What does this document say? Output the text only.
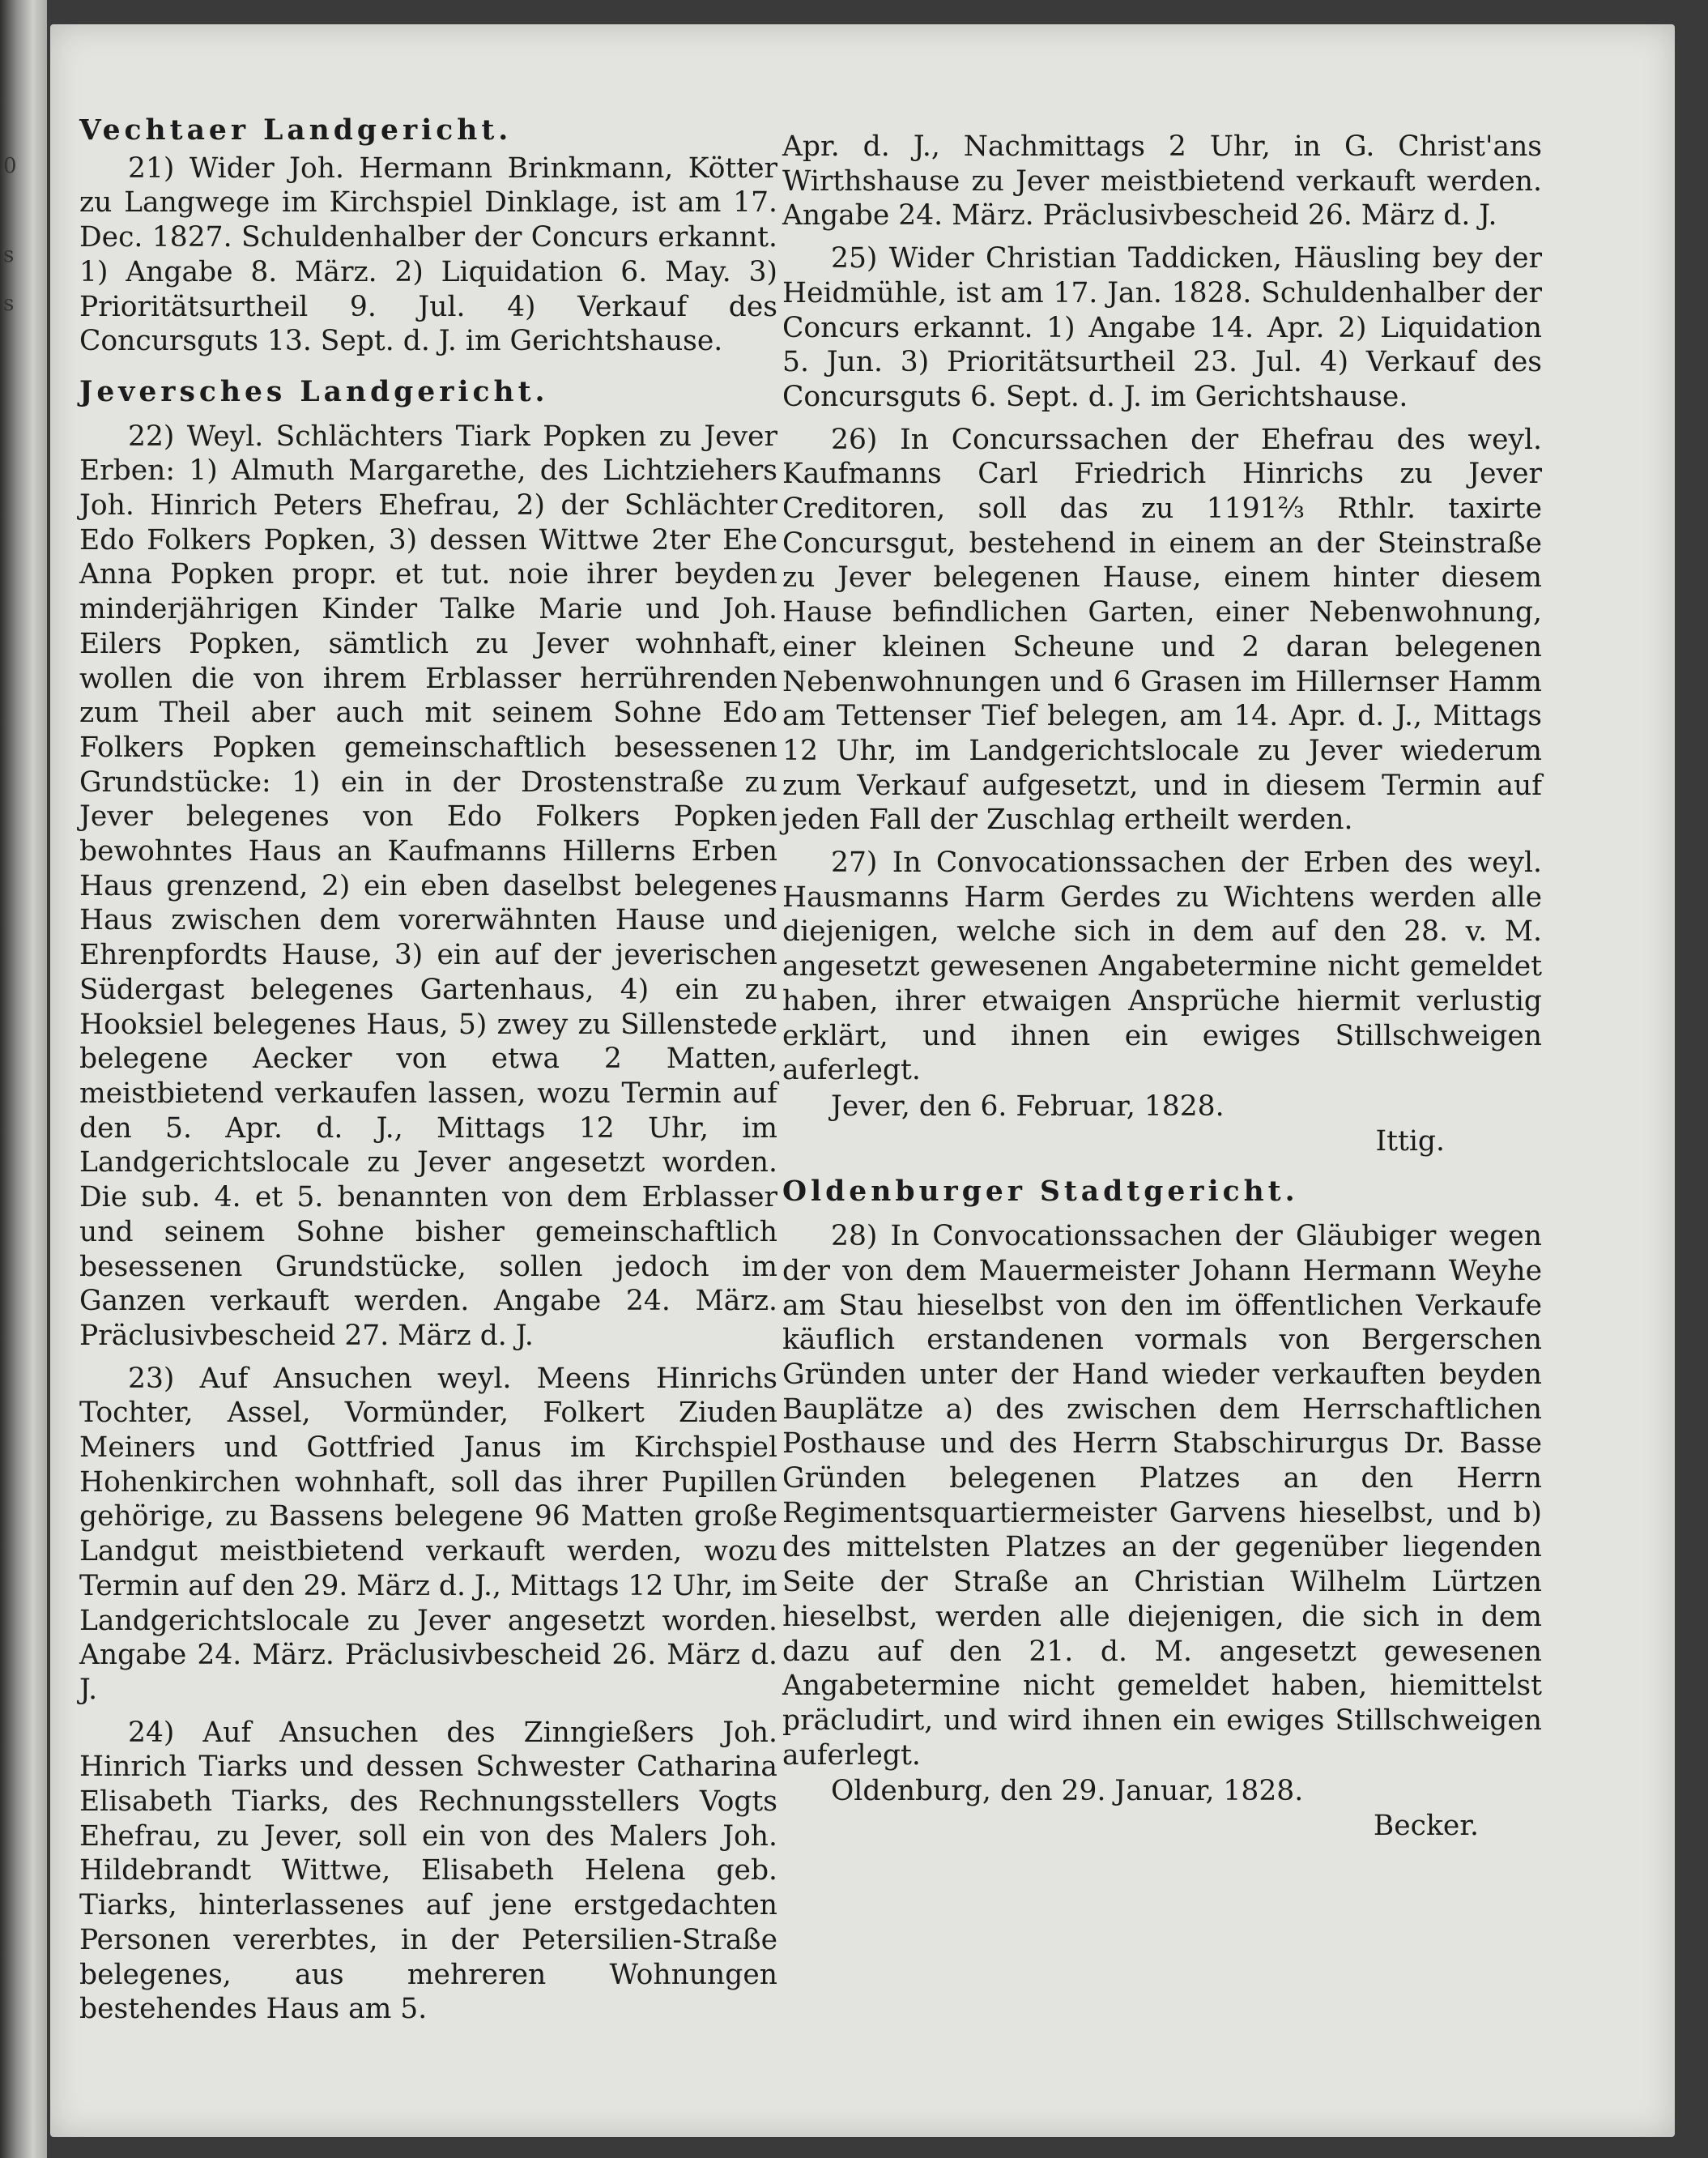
0
s
s

Vechtaer Landgericht.

21) Wider Joh. Hermann Brinkmann, Kötter zu Langwege im Kirchspiel Dinklage, ist am 17. Dec. 1827. Schuldenhalber der Concurs erkannt. 1) Angabe 8. März. 2) Liquidation 6. May. 3) Prioritätsurtheil 9. Jul. 4) Verkauf des Concursguts 13. Sept. d. J. im Gerichtshause.

Jeversches Landgericht.

22) Weyl. Schlächters Tiark Popken zu Jever Erben: 1) Almuth Margarethe, des Lichtziehers Joh. Hinrich Peters Ehefrau, 2) der Schlächter Edo Folkers Popken, 3) dessen Wittwe 2ter Ehe Anna Popken propr. et tut. noie ihrer beyden minderjährigen Kinder Talke Marie und Joh. Eilers Popken, sämtlich zu Jever wohnhaft, wollen die von ihrem Erblasser herrührenden zum Theil aber auch mit seinem Sohne Edo Folkers Popken gemeinschaftlich besessenen Grundstücke: 1) ein in der Drostenstraße zu Jever belegenes von Edo Folkers Popken bewohntes Haus an Kaufmanns Hillerns Erben Haus grenzend, 2) ein eben daselbst belegenes Haus zwischen dem vorerwähnten Hause und Ehrenpfordts Hause, 3) ein auf der jeverischen Südergast belegenes Gartenhaus, 4) ein zu Hooksiel belegenes Haus, 5) zwey zu Sillenstede belegene Aecker von etwa 2 Matten, meistbietend verkaufen lassen, wozu Termin auf den 5. Apr. d. J., Mittags 12 Uhr, im Landgerichtslocale zu Jever angesetzt worden. Die sub. 4. et 5. benannten von dem Erblasser und seinem Sohne bisher gemeinschaftlich besessenen Grundstücke, sollen jedoch im Ganzen verkauft werden. Angabe 24. März. Präclusivbescheid 27. März d. J.

23) Auf Ansuchen weyl. Meens Hinrichs Tochter, Assel, Vormünder, Folkert Ziuden Meiners und Gottfried Janus im Kirchspiel Hohenkirchen wohnhaft, soll das ihrer Pupillen gehörige, zu Bassens belegene 96 Matten große Landgut meistbietend verkauft werden, wozu Termin auf den 29. März d. J., Mittags 12 Uhr, im Landgerichtslocale zu Jever angesetzt worden. Angabe 24. März. Präclusivbescheid 26. März d. J.

24) Auf Ansuchen des Zinngießers Joh. Hinrich Tiarks und dessen Schwester Catharina Elisabeth Tiarks, des Rechnungsstellers Vogts Ehefrau, zu Jever, soll ein von des Malers Joh. Hildebrandt Wittwe, Elisabeth Helena geb. Tiarks, hinterlassenes auf jene erstgedachten Personen vererbtes, in der Petersilien-Straße belegenes, aus mehreren Wohnungen bestehendes Haus am 5.

Apr. d. J., Nachmittags 2 Uhr, in G. Christ'ans Wirthshause zu Jever meistbietend verkauft werden. Angabe 24. März. Präclusivbescheid 26. März d. J.

25) Wider Christian Taddicken, Häusling bey der Heidmühle, ist am 17. Jan. 1828. Schuldenhalber der Concurs erkannt. 1) Angabe 14. Apr. 2) Liquidation 5. Jun. 3) Prioritätsurtheil 23. Jul. 4) Verkauf des Concursguts 6. Sept. d. J. im Gerichtshause.

26) In Concurssachen der Ehefrau des weyl. Kaufmanns Carl Friedrich Hinrichs zu Jever Creditoren, soll das zu 1191⅔ Rthlr. taxirte Concursgut, bestehend in einem an der Steinstraße zu Jever belegenen Hause, einem hinter diesem Hause befindlichen Garten, einer Nebenwohnung, einer kleinen Scheune und 2 daran belegenen Nebenwohnungen und 6 Grasen im Hillernser Hamm am Tettenser Tief belegen, am 14. Apr. d. J., Mittags 12 Uhr, im Landgerichtslocale zu Jever wiederum zum Verkauf aufgesetzt, und in diesem Termin auf jeden Fall der Zuschlag ertheilt werden.

27) In Convocationssachen der Erben des weyl. Hausmanns Harm Gerdes zu Wichtens werden alle diejenigen, welche sich in dem auf den 28. v. M. angesetzt gewesenen Angabetermine nicht gemeldet haben, ihrer etwaigen Ansprüche hiermit verlustig erklärt, und ihnen ein ewiges Stillschweigen auferlegt.

Jever, den 6. Februar, 1828.

Ittig.

Oldenburger Stadtgericht.

28) In Convocationssachen der Gläubiger wegen der von dem Mauermeister Johann Hermann Weyhe am Stau hieselbst von den im öffentlichen Verkaufe käuflich erstandenen vormals von Bergerschen Gründen unter der Hand wieder verkauften beyden Bauplätze a) des zwischen dem Herrschaftlichen Posthause und des Herrn Stabschirurgus Dr. Basse Gründen belegenen Platzes an den Herrn Regimentsquartiermeister Garvens hieselbst, und b) des mittelsten Platzes an der gegenüber liegenden Seite der Straße an Christian Wilhelm Lürtzen hieselbst, werden alle diejenigen, die sich in dem dazu auf den 21. d. M. angesetzt gewesenen Angabetermine nicht gemeldet haben, hiemittelst präcludirt, und wird ihnen ein ewiges Stillschweigen auferlegt.

Oldenburg, den 29. Januar, 1828.

Becker.
